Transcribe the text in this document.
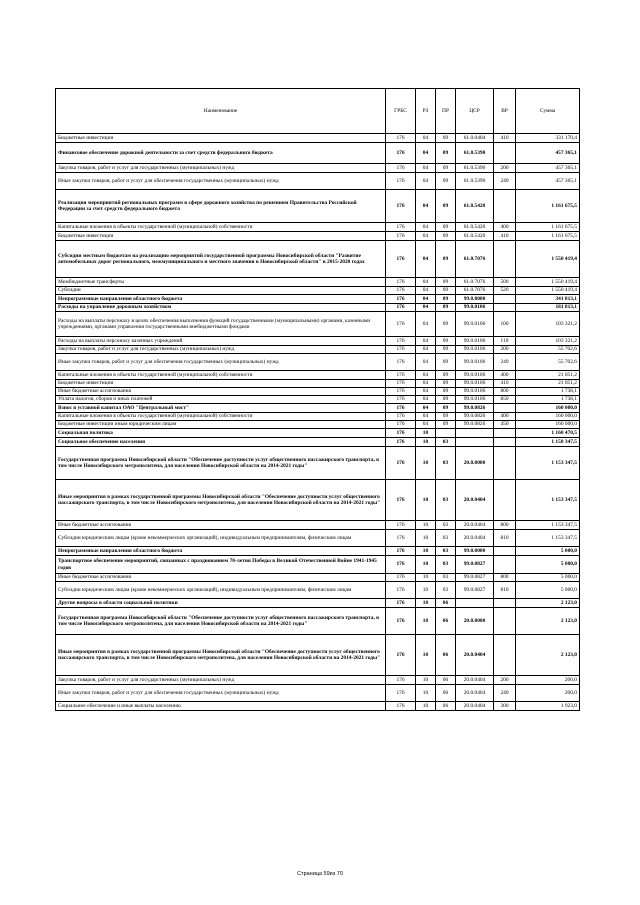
Наименование	ГРБС	РЗ	ПР	ЦСР	ВР	Сумма
Бюджетные инвестиции	176	04	09	61.0.0404	410	331 170,4
Финансовое обеспечение дорожной деятельности за счет средств федерального бюджета	176	04	09	61.0.5390		457 365,1
Закупка товаров, работ и услуг для государственных (муниципальных) нужд	176	04	09	61.0.5390	200	457 365,1
Иные закупки товаров, работ и услуг для обеспечения государственных (муниципальных) нужд	176	04	09	61.0.5390	240	457 365,1
Реализация мероприятий региональных программ в сфере дорожного хозяйства по решениям Правительства Российской Федерации за счет средств федерального бюджета	176	04	09	61.0.5420		1 161 675,5
Капитальные вложения в объекты государственной (муниципальной) собственности	176	04	09	61.0.5420	400	1 161 675,5
Бюджетные инвестиции	176	04	09	61.0.5420	410	1 161 675,5
Субсидии местным бюджетам на реализацию мероприятий государственной программы Новосибирской области "Развитие автомобильных дорог регионального, межмуниципального и местного значения в Новосибирской области" в 2015-2020 годах	176	04	09	61.0.7076		1 550 419,4
Межбюджетные трансферты	176	04	09	61.0.7076	500	1 550 419,4
Субсидии	176	04	09	61.0.7076	520	1 550 419,4
Непрограммные направления областного бюджета	176	04	09	99.0.0000		341 813,1
Расходы на управление дорожным хозяйством	176	04	09	99.0.0106		181 813,1
Расходы на выплаты персоналу в целях обеспечения выполнения функций государственными (муниципальными) органами, казенными учреждениями, органами управления государственными внебюджетными фондами	176	04	09	99.0.0106	100	103 321,2
Расходы на выплаты персоналу казенных учреждений	176	04	09	99.0.0106	110	103 321,2
Закупка товаров, работ и услуг для государственных (муниципальных) нужд	176	04	09	99.0.0106	200	55 702,6
Иные закупки товаров, работ и услуг для обеспечения государственных (муниципальных) нужд	176	04	09	99.0.0106	240	55 702,6
Капитальные вложения в объекты государственной (муниципальной) собственности	176	04	09	99.0.0106	400	21 051,2
Бюджетные инвестиции	176	04	09	99.0.0106	410	21 051,2
Иные бюджетные ассигнования	176	04	09	99.0.0106	800	1 738,1
Уплата налогов, сборов и иных платежей	176	04	09	99.0.0106	850	1 738,1
Взнос в уставной капитал ОАО "Центральный мост"	176	04	09	99.0.0826		160 000,0
Капитальные вложения в объекты государственной (муниципальной) собственности	176	04	09	99.0.0826	400	160 000,0
Бюджетные инвестиции иным юридическим лицам	176	04	09	99.0.0826	450	160 000,0
Социальная политика	176	10				1 160 470,5
Социальное обеспечение населения	176	10	03			1 158 347,5
Государственная программа Новосибирской области "Обеспечение доступности услуг общественного пассажирского транспорта, в том числе Новосибирского метрополитена, для населения Новосибирской области на 2014-2021 годы"	176	10	03	20.0.0000		1 153 347,5
Иные мероприятия в рамках государственной программы Новосибирской области "Обеспечение доступности услуг общественного пассажирского транспорта, в том числе Новосибирского метрополитена, для населения Новосибирской области на 2014-2021 годы"	176	10	03	20.0.0404		1 153 347,5
Иные бюджетные ассигнования	176	10	03	20.0.0404	800	1 153 347,5
Субсидии юридическим лицам (кроме некоммерческих организаций), индивидуальным предпринимателям, физическим лицам	176	10	03	20.0.0404	810	1 153 347,5
Непрограммные направления областного бюджета	176	10	03	99.0.0000		5 000,0
Транспортное обеспечение мероприятий, связанных с празднованием 70-летия Победы в Великой Отечественной Войне 1941-1945 годов	176	10	03	99.0.0827		5 000,0
Иные бюджетные ассигнования	176	10	03	99.0.0827	800	5 000,0
Субсидии юридическим лицам (кроме некоммерческих организаций), индивидуальным предпринимателям, физическим лицам	176	10	03	99.0.0827	810	5 000,0
Другие вопросы в области социальной политики	176	10	06			2 123,0
Государственная программа Новосибирской области "Обеспечение доступности услуг общественного пассажирского транспорта, в том числе Новосибирского метрополитена, для населения Новосибирской области на 2014-2021 годы"	176	10	06	20.0.0000		2 123,0
Иные мероприятия в рамках государственной программы Новосибирской области "Обеспечение доступности услуг общественного пассажирского транспорта, в том числе Новосибирского метрополитена, для населения Новосибирской области на 2014-2021 годы"	176	10	06	20.0.0404		2 123,0
Закупка товаров, работ и услуг для государственных (муниципальных) нужд	176	10	06	20.0.0404	200	200,0
Иные закупки товаров, работ и услуг для обеспечения государственных (муниципальных) нужд	176	10	06	20.0.0404	240	200,0
Социальное обеспечение и иные выплаты населению	176	10	06	20.0.0404	300	1 923,0
Страница 59из 70
